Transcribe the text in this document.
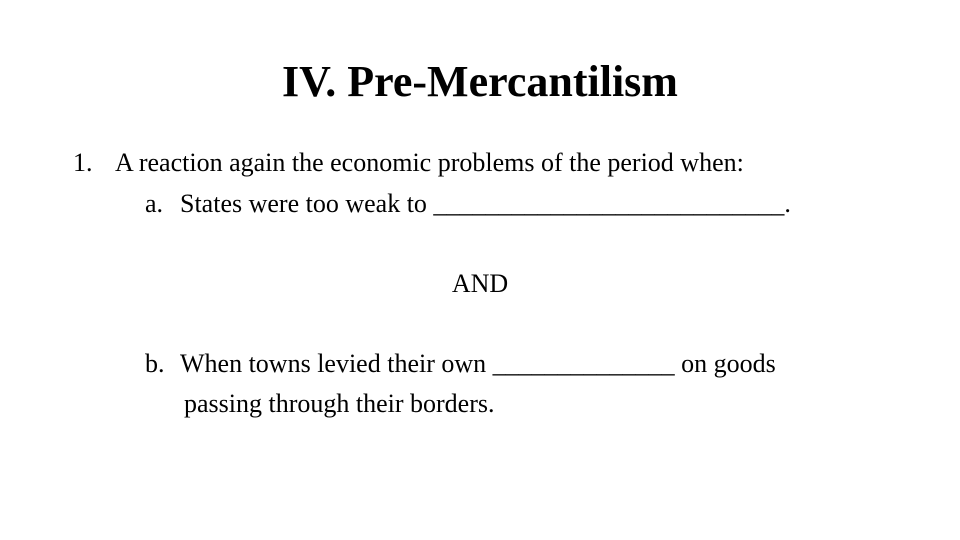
IV. Pre-Mercantilism

1. A reaction again the economic problems of the period when:

a. States were too weak to ___________________________.

AND

b. When towns levied their own ______________ on goods

passing through their borders.
